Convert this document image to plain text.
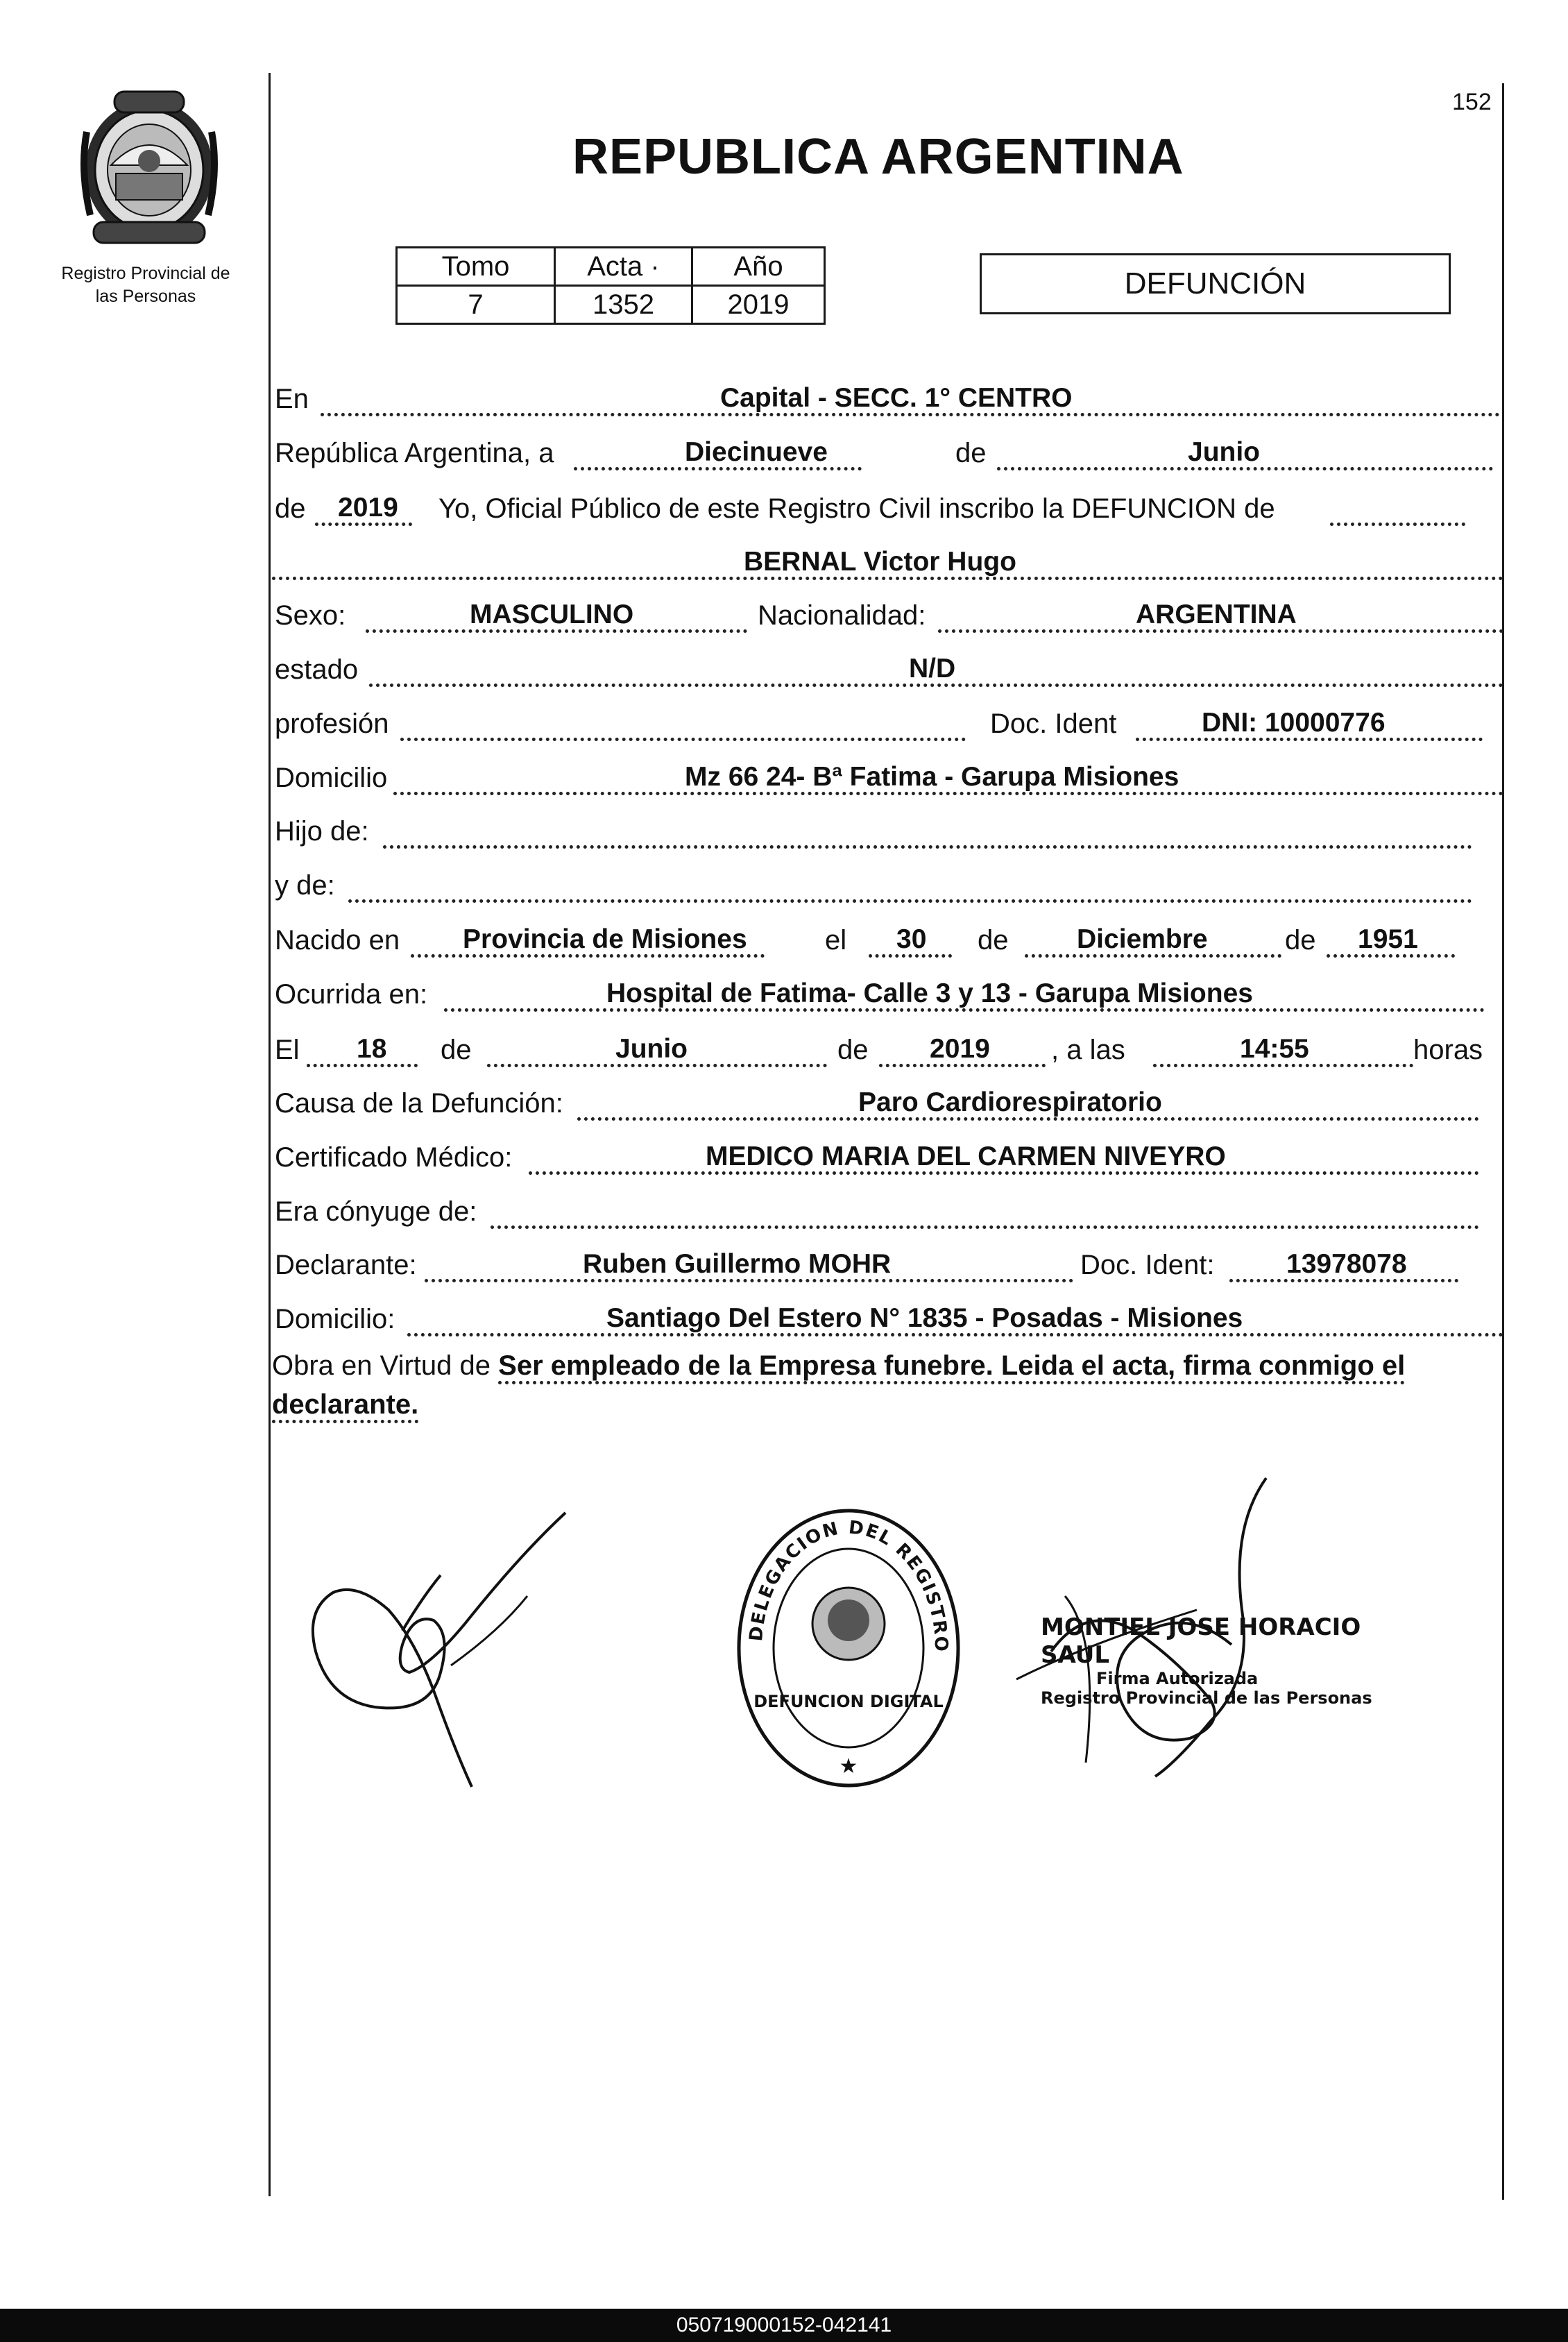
152
Registro Provincial de
las Personas
REPUBLICA ARGENTINA
Tomo	Acta ·	Año
7	1352	2019
DEFUNCIÓN
En	Capital - SECC. 1° CENTRO
República Argentina, a	Diecinueve	de	Junio
de 2019 Yo, Oficial Público de este Registro Civil inscribo la DEFUNCION de
BERNAL Victor Hugo
Sexo:	MASCULINO	Nacionalidad:	ARGENTINA
estado	N/D
profesión	Doc. Ident	DNI: 10000776
Domicilio	Mz 66 24- Bª Fatima - Garupa Misiones
Hijo de:
y de:
Nacido en Provincia de Misiones	el 30 de	Diciembre	de 1951
Ocurrida en:	Hospital de Fatima- Calle 3 y 13 - Garupa Misiones
El 18 de	Junio	de 2019 , a las	14:55	horas
Causa de la Defunción:	Paro Cardiorespiratorio
Certificado Médico:	MEDICO MARIA DEL CARMEN NIVEYRO
Era cónyuge de:
Declarante:	Ruben Guillermo MOHR	Doc. Ident:	13978078
Domicilio:	Santiago Del Estero N° 1835 - Posadas - Misiones
Obra en Virtud de Ser empleado de la Empresa funebre. Leida el acta, firma conmigo el declarante.
DELEGACION DEL REGISTRO
DEFUNCION DIGITAL
★
MONTIEL JOSE HORACIO SAUL
Firma Autorizada
Registro Provincial de las Personas
050719000152-042141
